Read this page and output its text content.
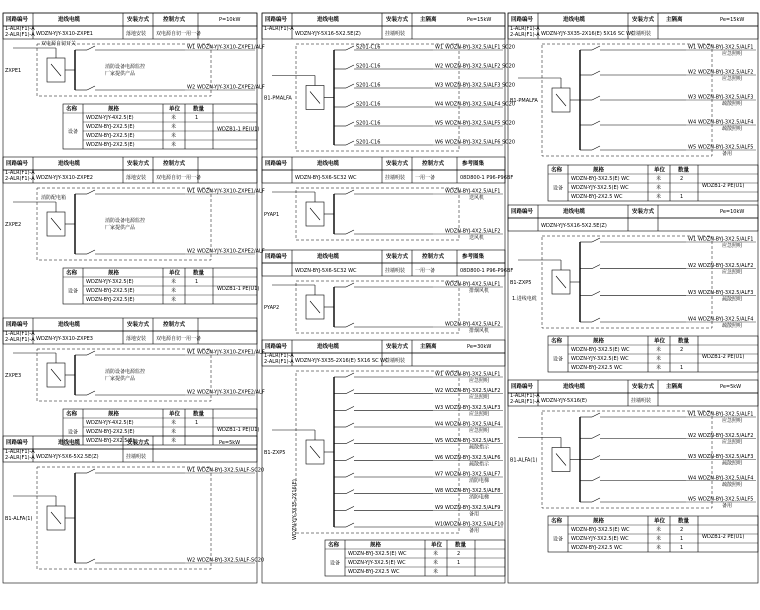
回路编号	进线电缆	安装方式	控制方式
1-ALR(F1)-A
2-ALR(F1)-A WDZN-YJY-3X10-ZXPE1	落地安装 双电源自切一用一备
P=10kW
ZXPE1
双电源自切开关
W1 WDZN-YJY-3X10-ZXPE1/ALF
W2 WDZN-YJY-3X10-ZXPE2/ALF
消防设备电源监控
厂家提供产品
名称	规格	单位 数量
设备
WDZN-YJY-4X2.5(E)	米	1
WDZN-BYJ-2X2.5(E)	米
WDZN-BYJ-2X2.5(E)	米
WDZN-BYJ-2X2.5(E)	米
WDZB1-1 PE(U1)
回路编号	进线电缆	安装方式	控制方式
1-ALR(F1)-A
2-ALR(F1)-A WDZN-YJY-3X10-ZXPE2	落地安装 双电源自切一用一备
ZXPE2
消防配电箱
W1 WDZN-YJY-3X10-ZXPE1/ALF
W2 WDZN-YJY-3X10-ZXPE2/ALF
消防设备电源监控
厂家提供产品
名称	规格	单位 数量
设备
WDZN-YJY-3X2.5(E)	米	1
WDZN-BYJ-2X2.5(E)	米
WDZN-BYJ-2X2.5(E)	米
WDZB1-1 PE(U1)
回路编号	进线电缆	安装方式	控制方式
1-ALR(F1)-A
2-ALR(F1)-A WDZN-YJY-3X10-ZXPE3	落地安装 双电源自切一用一备
ZXPE3
W1 WDZN-YJY-3X10-ZXPE1/ALF
W2 WDZN-YJY-3X10-ZXPE2/ALF
消防设备电源监控
厂家提供产品
名称	规格	单位 数量
设备
WDZN-YJY-4X2.5(E)	米	1
WDZN-BYJ-2X2.5(E)	米
WDZN-BYJ-2X2.5(E)	米
WDZB1-1 PE(U1)
回路编号	进线电缆	安装方式
1-ALR(F1)-A
2-ALR(F1)-A WDZN-YJY-5X6-5X2.5E(Z)	挂墙明装
Pe=5kW
B1-ALFA(1)
W1 WDZN-BYJ-3X2.5/ALF-SC20
W2 WDZN-BYJ-3X2.5/ALF-SC20
回路编号	进线电缆	安装方式 主隔离
1-ALR(F1)-A
WDZN-YJY-5X16-5X2.5E(Z)	挂墙明装
Pe=15kW
B1-PMALFA
S201-C16	W1 WDZN-BYJ-3X2.5/ALF1 SC20
S201-C16	W2 WDZN-BYJ-3X2.5/ALF2 SC20
S201-C16	W3 WDZN-BYJ-3X2.5/ALF3 SC20
S201-C16	W4 WDZN-BYJ-3X2.5/ALF4 SC20
S201-C16	W5 WDZN-BYJ-3X2.5/ALF5 SC20
S201-C16	W6 WDZN-BYJ-3X2.5/ALF6 SC20
回路编号	进线电缆	安装方式	控制方式	参考图集
WDZN-BYJ-5X6-SC32 WC	挂墙明装 一用一备	08D800-1 P96-P96BF
PYAP1
WDZN-BYJ-4X2.5/ALF1
送风机
WDZN-BYJ-4X2.5/ALF2
送风机
回路编号	进线电缆	安装方式	控制方式	参考图集
WDZN-BYJ-5X6-SC32 WC	挂墙明装 一用一备	08D800-1 P96-P96BF
PYAP2
WDZN-BYJ-4X2.5/ALF1
排烟风机
WDZN-BYJ-4X2.5/ALF2
排烟风机
回路编号	进线电缆	安装方式 主隔离
1-ALR(F1)-A
2-ALR(F1)-A WDZN-YJY-3X35-2X16(E) 5X16 SC WC
挂墙明装
Pe=30kW
B1-ZXP5
W1 WDZN-BYJ-3X2.5/ALF1
应急照明
W2 WDZN-BYJ-3X2.5/ALF2
应急照明
W3 WDZN-BYJ-3X2.5/ALF3
应急照明
W4 WDZN-BYJ-3X2.5/ALF4
应急照明
W5 WDZN-BYJ-3X2.5/ALF5
疏散指示
W6 WDZN-BYJ-3X2.5/ALF6
疏散指示
W7 WDZN-BYJ-3X2.5/ALF7
消防电梯
W8 WDZN-BYJ-3X2.5/ALF8
消防电梯
W9 WDZN-BYJ-3X2.5/ALF9
备用
W10
WDZN-BYJ-3X2.5/ALF10
备用
WDZN-YJY-3X35-2X16(E)
名称	规格	单位 数量
设备
WDZN-BYJ-3X2.5(E) WC	米	2
WDZN-YJY-3X2.5(E) WC	米	1
WDZN-BYJ-2X2.5 WC	米
回路编号	进线电缆	安装方式 主隔离
1-ALR(F1)-A
2-ALR(F1)-A WDZN-YJY-3X35-2X16(E) 5X16 SC WC
挂墙明装
Pe=15kW
B1-PMALFA
W1 WDZN-BYJ-3X2.5/ALF1
应急照明
W2 WDZN-BYJ-3X2.5/ALF2
应急照明
W3 WDZN-BYJ-3X2.5/ALF3
疏散照明
W4 WDZN-BYJ-3X2.5/ALF4
疏散照明
W5 WDZN-BYJ-3X2.5/ALF5
备用
名称	规格	单位 数量
设备
WDZN-BYJ-3X2.5(E) WC	米	2
WDZN-YJY-3X2.5(E) WC	米
WDZN-BYJ-2X2.5 WC	米	1
WDZB1-2 PE(U1)
回路编号	进线电缆	安装方式
WDZN-YJY-5X16-5X2.5E(Z)
Pe=10kW
B1-ZXP5
W1 WDZN-BYJ-3X2.5/ALF1
应急照明
W2 WDZN-BYJ-3X2.5/ALF2
应急照明
W3 WDZN-BYJ-3X2.5/ALF3
疏散照明
W4 WDZN-BYJ-3X2.5/ALF4
疏散照明
1.进线电缆
名称	规格	单位 数量
设备
WDZN-BYJ-3X2.5(E) WC	米	2
WDZN-YJY-3X2.5(E) WC	米
WDZN-BYJ-2X2.5 WC	米	1
WDZB1-2 PE(U1)
回路编号	进线电缆	安装方式 主隔离
1-ALR(F1)-A
2-ALR(F1)-A WDZN-YJY-5X16(E)	挂墙明装
Pe=5kW
B1-ALFA(1)
W1 WDZN-BYJ-3X2.5/ALF1
应急照明
W2 WDZN-BYJ-3X2.5/ALF2
应急照明
W3 WDZN-BYJ-3X2.5/ALF3
疏散照明
W4 WDZN-BYJ-3X2.5/ALF4
疏散照明
W5 WDZN-BYJ-3X2.5/ALF5
备用
名称	规格	单位 数量
设备
WDZN-BYJ-3X2.5(E) WC	米	2
WDZN-YJY-3X2.5(E) WC	米	1
WDZN-BYJ-2X2.5 WC	米	1
WDZB1-2 PE(U1)
